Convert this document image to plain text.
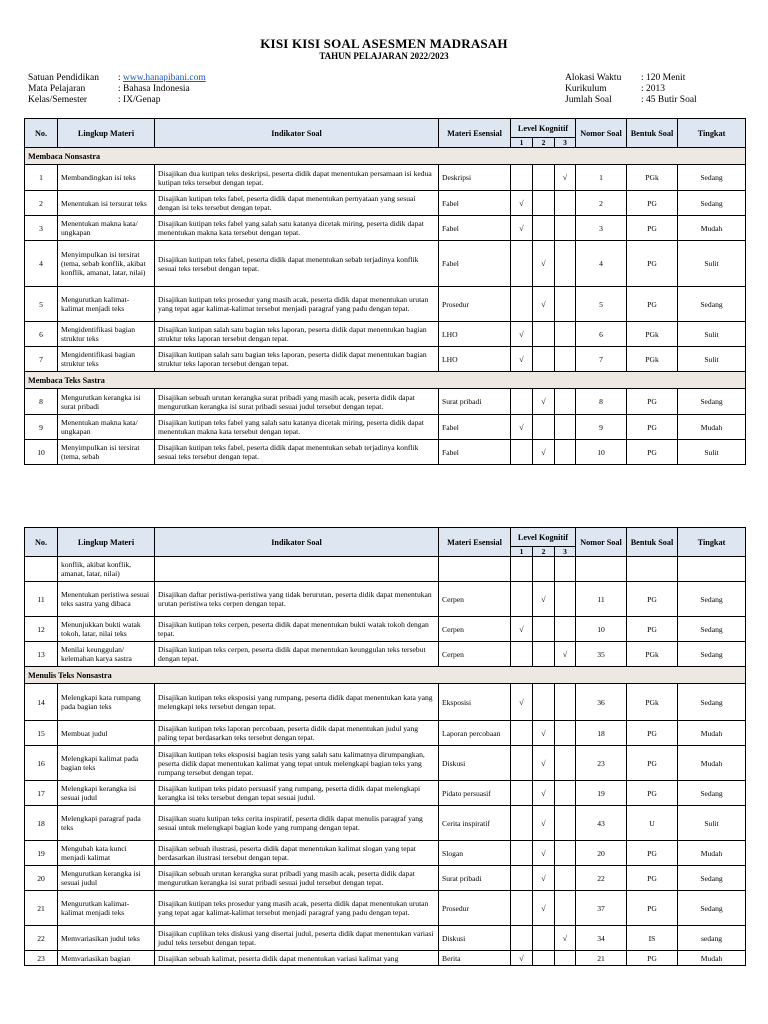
KISI KISI SOAL ASESMEN MADRASAH
TAHUN PELAJARAN 2022/2023
Satuan Pendidikan	: www.hanapibani.com
Mata Pelajaran	: Bahasa Indonesia
Kelas/Semester	: IX/Genap
Alokasi Waktu	: 120 Menit
Kurikulum	: 2013
Jumlah Soal	: 45 Butir Soal
No.	Lingkup Materi	Indikator Soal	Materi Esensial	Level Kognitif			Nomor Soal	Bentuk Soal	Tingkat
				1	2	3			
Membaca Nonsastra									
1	Membandingkan isi teks	Disajikan dua kutipan teks deskripsi, peserta didik dapat menentukan persamaan isi kedua kutipan teks tersebut dengan tepat.	Deskripsi			√	1	PGk	Sedang
2	Menentukan isi tersurat teks	Disajikan kutipan teks fabel, peserta didik dapat menentukan pernyataan yang sesuai dengan isi teks tersebut dengan tepat.	Fabel	√			2	PG	Sedang
3	Menentukan makna kata/ ungkapan	Disajikan kutipan teks fabel yang salah satu katanya dicetak miring, peserta didik dapat menentukan makna kata tersebut dengan tepat.	Fabel	√			3	PG	Mudah
4	Menyimpulkan isi tersirat (tema, sebab konflik, akibat konflik, amanat, latar, nilai)	Disajikan kutipan teks fabel, peserta didik dapat menentukan sebab terjadinya konflik sesuai teks tersebut dengan tepat.	Fabel		√		4	PG	Sulit
5	Mengurutkan kalimat-kalimat menjadi teks	Disajikan kutipan teks prosedur yang masih acak, peserta didik dapat menentukan urutan yang tepat agar kalimat-kalimat tersebut menjadi paragraf yang padu dengan tepat.	Prosedur		√		5	PG	Sedang
6	Mengidentifikasi bagian struktur teks	Disajikan kutipan salah satu bagian teks laporan, peserta didik dapat menentukan bagian struktur teks laporan tersebut dengan tepat.	LHO	√			6	PGk	Sulit
7	Mengidentifikasi bagian struktur teks	Disajikan kutipan salah satu bagian teks laporan, peserta didik dapat menentukan bagian struktur teks laporan tersebut dengan tepat.	LHO	√			7	PGk	Sulit
Membaca Teks Sastra									
8	Mengurutkan kerangka isi surat pribadi	Disajikan sebuah urutan kerangka surat pribadi yang masih acak, peserta didik dapat mengurutkan kerangka isi surat pribadi sesuai judul tersebut dengan tepat.	Surat pribadi		√		8	PG	Sedang
9	Menentukan makna kata/ ungkapan	Disajikan kutipan teks fabel yang salah satu katanya dicetak miring, peserta didik dapat menentukan makna kata tersebut dengan tepat.	Fabel	√			9	PG	Mudah
10	Menyimpulkan isi tersirat (tema, sebab	Disajikan kutipan teks fabel, peserta didik dapat menentukan sebab terjadinya konflik sesuai teks tersebut dengan tepat.	Fabel		√		10	PG	Sulit
No.	Lingkup Materi	Indikator Soal	Materi Esensial	Level Kognitif			Nomor Soal	Bentuk Soal	Tingkat
				1	2	3			
	konflik, akibat konflik, amanat, latar, nilai)								
11	Menentukan peristiwa sesuai teks sastra yang dibaca	Disajikan daftar peristiwa-peristiwa yang tidak berurutan, peserta didik dapat menentukan urutan peristiwa teks cerpen dengan tepat.	Cerpen		√		11	PG	Sedang
12	Menunjukkan bukti watak tokoh, latar, nilai teks	Disajikan kutipan teks cerpen, peserta didik dapat menentukan bukti watak tokoh dengan tepat.	Cerpen	√			10	PG	Sedang
13	Menilai keunggulan/ kelemahan karya sastra	Disajikan kutipan teks cerpen, peserta didik dapat menentukan keunggulan teks tersebut dengan tepat.	Cerpen			√	35	PGk	Sedang
Menulis Teks Nonsastra									
14	Melengkapi kata rumpang pada bagian teks	Disajikan kutipan teks eksposisi yang rumpang, peserta didik dapat menentukan kata yang melengkapi teks tersebut dengan tepat.	Eksposisi	√			36	PGk	Sedang
15	Membuat judul	Disajikan kutipan teks laporan percobaan, peserta didik dapat menentukan judul yang paling tepat berdasarkan teks tersebut dengan tepat.	Laporan percobaan		√		18	PG	Mudah
16	Melengkapi kalimat pada bagian teks	Disajikan kutipan teks eksposisi bagian tesis yang salah satu kalimatnya dirumpangkan, peserta didik dapat menentukan kalimat yang tepat untuk melengkapi bagian teks yang rumpang tersebut dengan tepat.	Diskusi		√		23	PG	Mudah
17	Melengkapi kerangka isi sesuai judul	Disajikan kutipan teks pidato persuasif yang rumpang, peserta didik dapat melengkapi kerangka isi teks tersebut dengan tepat sesuai judul.	Pidato persuasif		√		19	PG	Sedang
18	Melengkapi paragraf pada teks	Disajikan suatu kutipan teks cerita inspiratif, peserta didik dapat menulis paragraf yang sesuai untuk melengkapi bagian kode yang rumpang dengan tepat.	Cerita inspiratif		√		43	U	Sulit
19	Mengubah kata kunci menjadi kalimat	Disajikan sebuah ilustrasi, peserta didik dapat menentukan kalimat slogan yang tepat berdasarkan ilustrasi tersebut dengan tepat.	Slogan		√		20	PG	Mudah
20	Mengurutkan kerangka isi sesuai judul	Disajikan sebuah urutan kerangka surat pribadi yang masih acak, peserta didik dapat mengurutkan kerangka isi surat pribadi sesuai judul tersebut dengan tepat.	Surat pribadi		√		22	PG	Sedang
21	Mengurutkan kalimat-kalimat menjadi teks	Disajikan kutipan teks prosedur yang masih acak, peserta didik dapat menentukan urutan yang tepat agar kalimat-kalimat tersebut menjadi paragraf yang padu dengan tepat.	Prosedur		√		37	PG	Sedang
22	Memvariasikan judul teks	Disajikan cuplikan teks diskusi yang disertai judul, peserta didik dapat menentukan variasi judul teks tersebut dengan tepat.	Diskusi			√	34	IS	sedang
23	Memvariasikan bagian	Disajikan sebuah kalimat, peserta didik dapat menentukan variasi kalimat yang	Berita	√			21	PG	Mudah
